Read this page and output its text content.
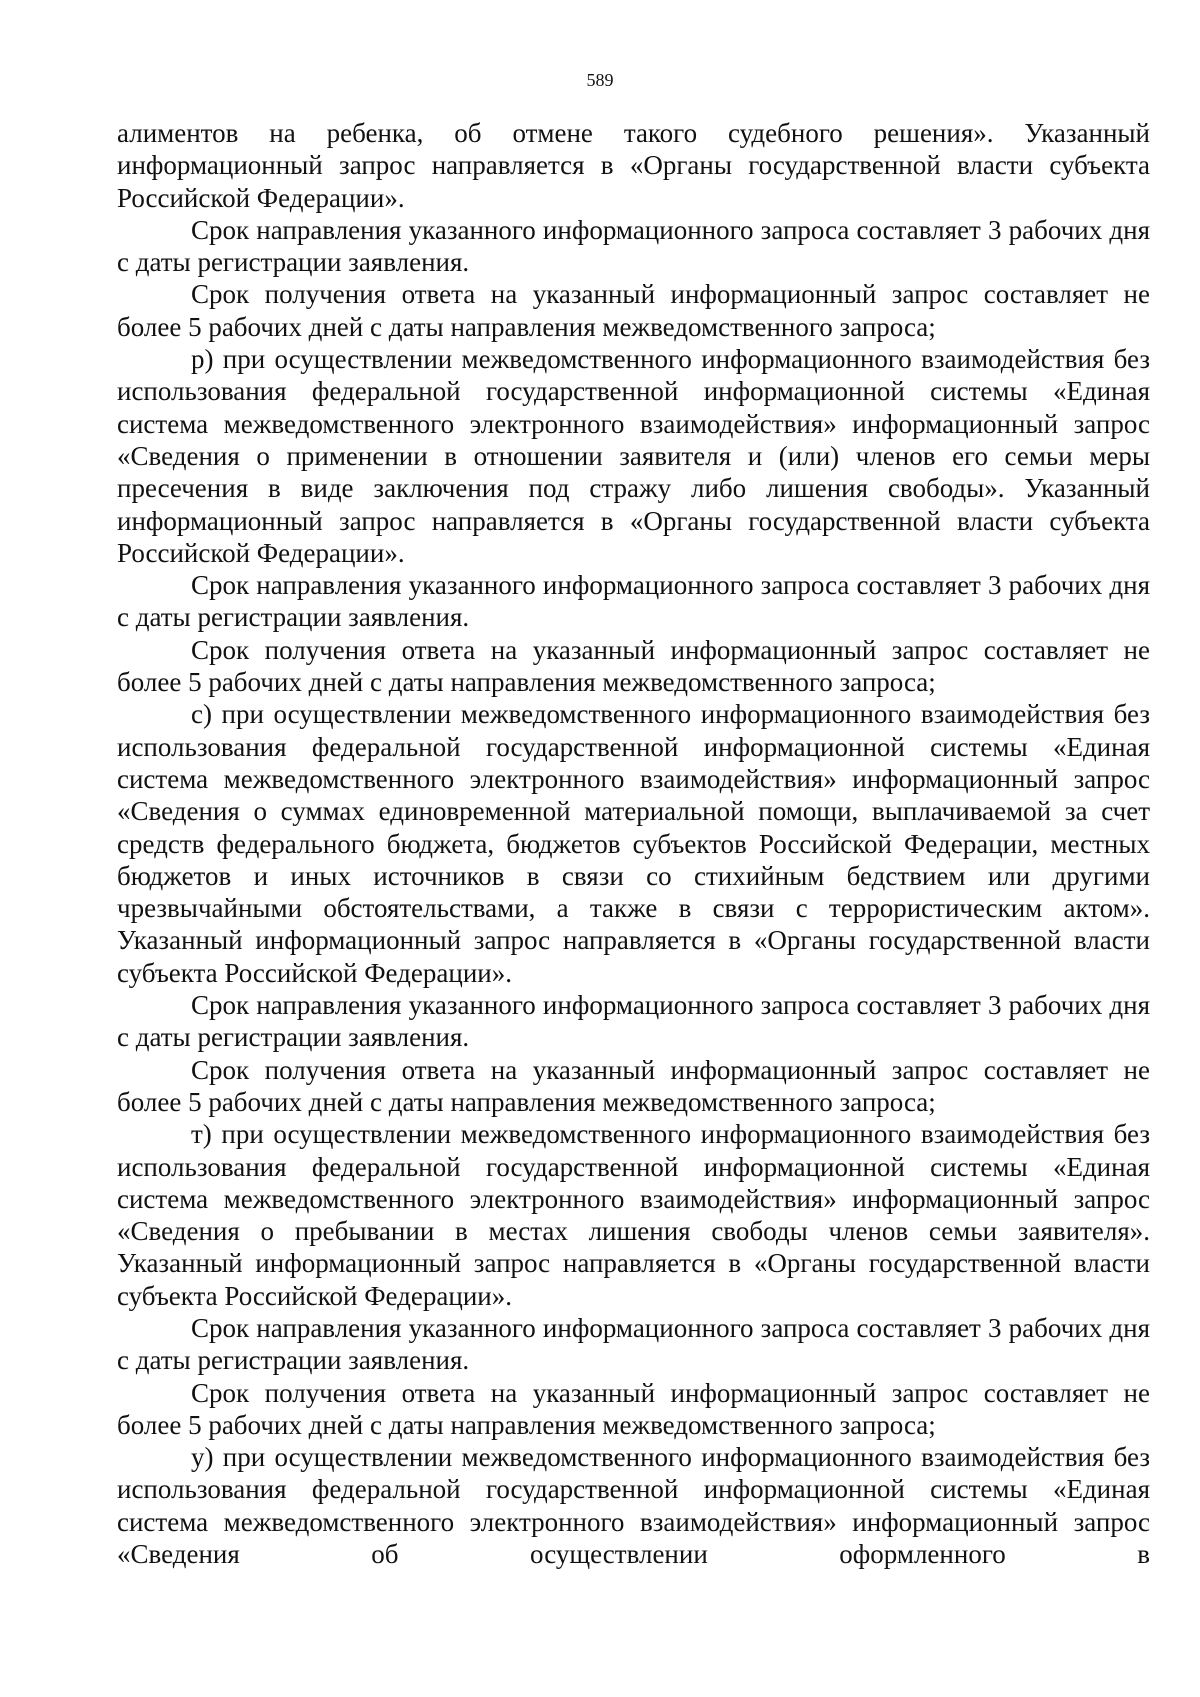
589

алиментов на ребенка, об отмене такого судебного решения». Указанный информационный запрос направляется в «Органы государственной власти субъекта Российской Федерации».

Срок направления указанного информационного запроса составляет 3 рабочих дня с даты регистрации заявления.

Срок получения ответа на указанный информационный запрос составляет не более 5 рабочих дней с даты направления межведомственного запроса;

р) при осуществлении межведомственного информационного взаимодействия без использования федеральной государственной информационной системы «Единая система межведомственного электронного взаимодействия» информационный запрос «Сведения о применении в отношении заявителя и (или) членов его семьи меры пресечения в виде заключения под стражу либо лишения свободы». Указанный информационный запрос направляется в «Органы государственной власти субъекта Российской Федерации».

Срок направления указанного информационного запроса составляет 3 рабочих дня с даты регистрации заявления.

Срок получения ответа на указанный информационный запрос составляет не более 5 рабочих дней с даты направления межведомственного запроса;

с) при осуществлении межведомственного информационного взаимодействия без использования федеральной государственной информационной системы «Единая система межведомственного электронного взаимодействия» информационный запрос «Сведения о суммах единовременной материальной помощи, выплачиваемой за счет средств федерального бюджета, бюджетов субъектов Российской Федерации, местных бюджетов и иных источников в связи со стихийным бедствием или другими чрезвычайными обстоятельствами, а также в связи с террористическим актом». Указанный информационный запрос направляется в «Органы государственной власти субъекта Российской Федерации».

Срок направления указанного информационного запроса составляет 3 рабочих дня с даты регистрации заявления.

Срок получения ответа на указанный информационный запрос составляет не более 5 рабочих дней с даты направления межведомственного запроса;

т) при осуществлении межведомственного информационного взаимодействия без использования федеральной государственной информационной системы «Единая система межведомственного электронного взаимодействия» информационный запрос «Сведения о пребывании в местах лишения свободы членов семьи заявителя». Указанный информационный запрос направляется в «Органы государственной власти субъекта Российской Федерации».

Срок направления указанного информационного запроса составляет 3 рабочих дня с даты регистрации заявления.

Срок получения ответа на указанный информационный запрос составляет не более 5 рабочих дней с даты направления межведомственного запроса;

у) при осуществлении межведомственного информационного взаимодействия без использования федеральной государственной информационной системы «Единая система межведомственного электронного взаимодействия» информационный запрос «Сведения об осуществлении оформленного в
